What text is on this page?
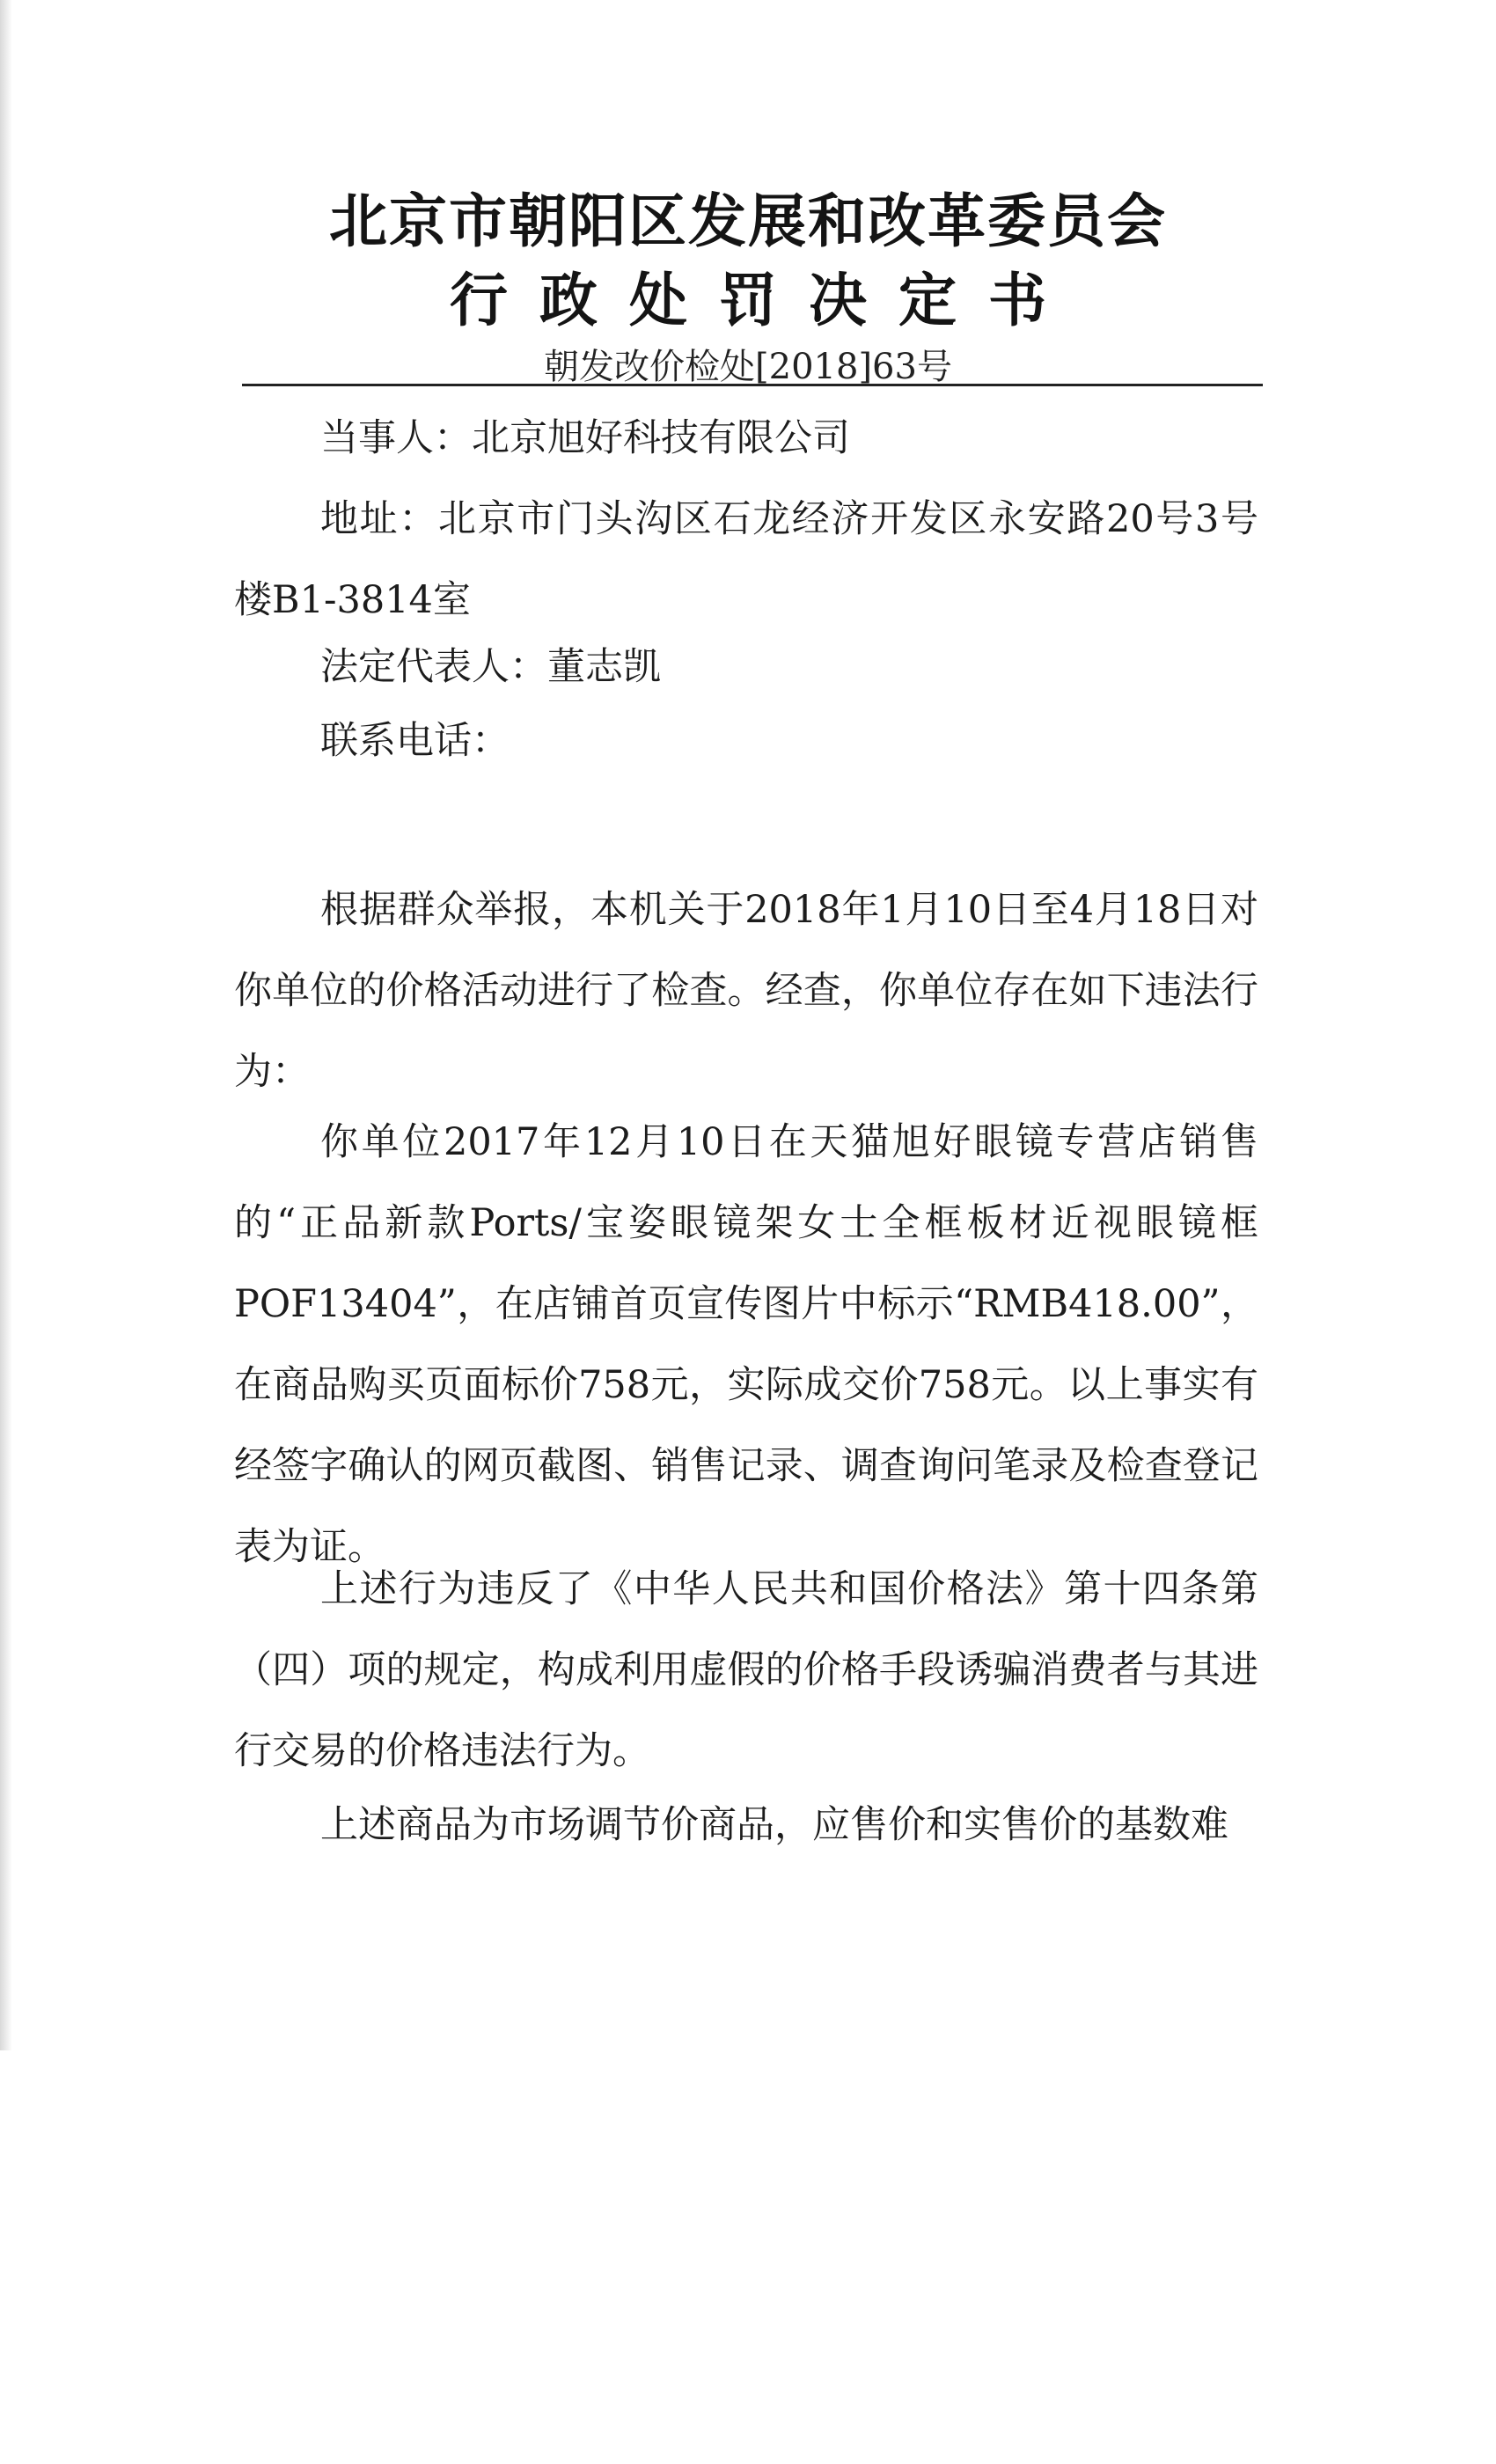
北京市朝阳区发展和改革委员会
行政处罚决定书
朝发改价检处[2018]63号

当事人：北京旭好科技有限公司

地址：北京市门头沟区石龙经济开发区永安路20号3号楼B1-3814室

法定代表人：董志凯

联系电话：

根据群众举报，本机关于2018年1月10日至4月18日对你单位的价格活动进行了检查。经查，你单位存在如下违法行为：

你单位2017年12月10日在天猫旭好眼镜专营店销售的“正品新款Ports/宝姿眼镜架女士全框板材近视眼镜框POF13404”，在店铺首页宣传图片中标示“RMB418.00”，在商品购买页面标价758元，实际成交价758元。以上事实有经签字确认的网页截图、销售记录、调查询问笔录及检查登记表为证。

上述行为违反了《中华人民共和国价格法》第十四条第（四）项的规定，构成利用虚假的价格手段诱骗消费者与其进行交易的价格违法行为。

上述商品为市场调节价商品，应售价和实售价的基数难
